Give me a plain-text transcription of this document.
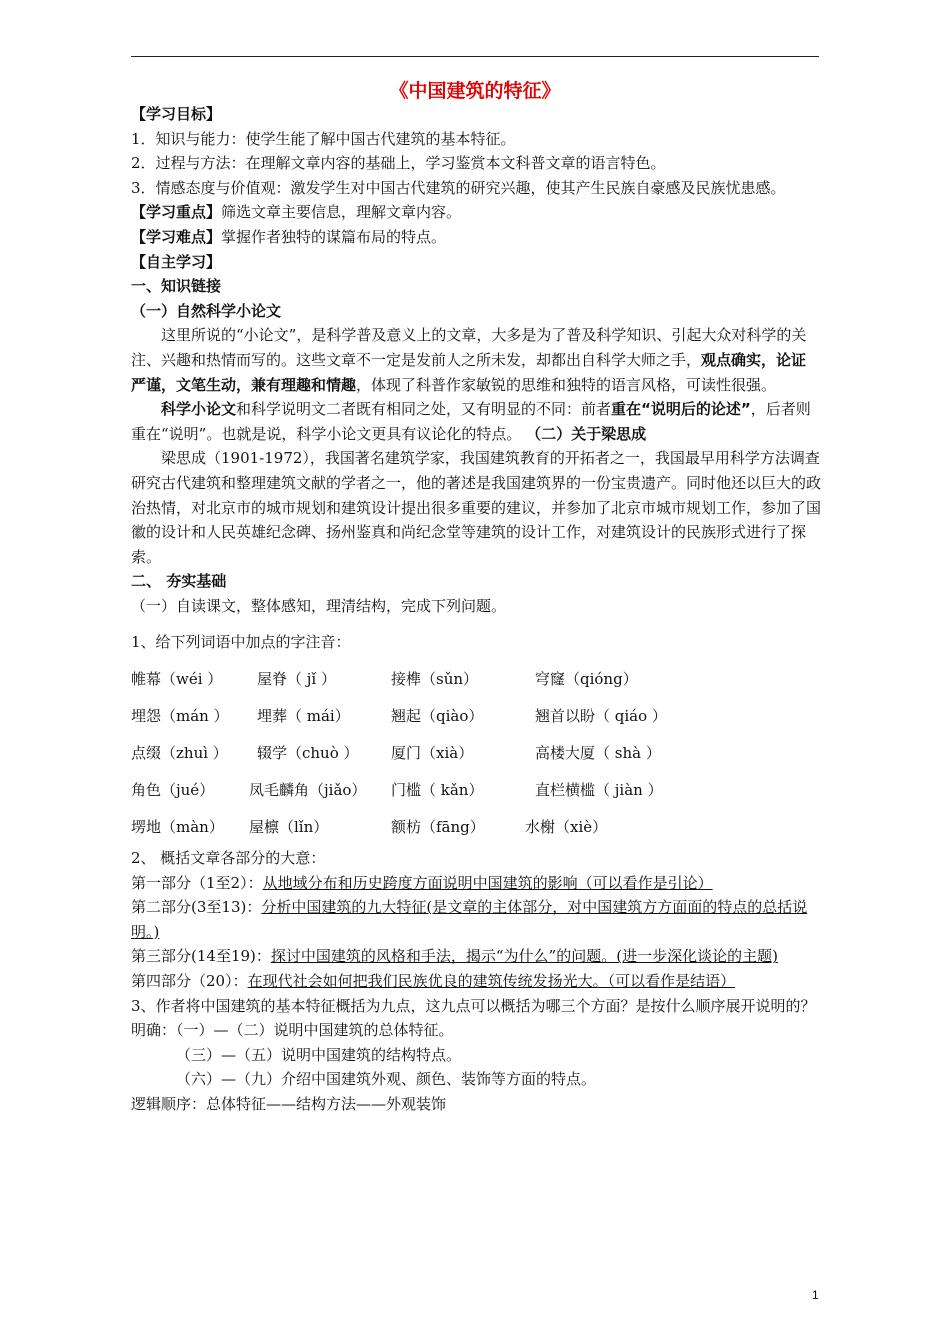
《中国建筑的特征》

【学习目标】

1．知识与能力：使学生能了解中国古代建筑的基本特征。

2．过程与方法：在理解文章内容的基础上，学习鉴赏本文科普文章的语言特色。

3．情感态度与价值观：激发学生对中国古代建筑的研究兴趣，使其产生民族自豪感及民族忧患感。

【学习重点】筛选文章主要信息，理解文章内容。

【学习难点】掌握作者独特的谋篇布局的特点。

【自主学习】

一、知识链接

（一）自然科学小论文

这里所说的“小论文”，是科学普及意义上的文章，大多是为了普及科学知识、引起大众对科学的关注、兴趣和热情而写的。这些文章不一定是发前人之所未发，却都出自科学大师之手，观点确实，论证严谨，文笔生动，兼有理趣和情趣，体现了科普作家敏锐的思维和独特的语言风格，可读性很强。

科学小论文和科学说明文二者既有相同之处，又有明显的不同：前者重在“说明后的论述”，后者则重在“说明”。也就是说，科学小论文更具有议论化的特点。 （二）关于梁思成

梁思成（1901-1972），我国著名建筑学家，我国建筑教育的开拓者之一，我国最早用科学方法调查研究古代建筑和整理建筑文献的学者之一，他的著述是我国建筑界的一份宝贵遗产。同时他还以巨大的政治热情，对北京市的城市规划和建筑设计提出很多重要的建议，并参加了北京市城市规划工作，参加了国徽的设计和人民英雄纪念碑、扬州鉴真和尚纪念堂等建筑的设计工作，对建筑设计的民族形式进行了探索。

二、 夯实基础

（一）自读课文，整体感知，理清结构，完成下列问题。

1、给下列词语中加点的字注音：

帷幕（wéi ）	屋脊（ jǐ ）	接榫（sǔn）	穹窿（qióng）
埋怨（mán ）	埋葬（ mái）	翘起（qiào）	翘首以盼（ qiáo ）
点缀（zhuì ）	辍学（chuò ）	厦门（xià）	高楼大厦（ shà ）
角色（jué）	凤毛麟角（jiǎo）	门槛（ kǎn）	直栏横槛（ jiàn ）
塄地（màn）	屋檩（lǐn）	额枋（fāng）	水榭（xiè）

2、 概括文章各部分的大意：

第一部分（1至2）：从地域分布和历史跨度方面说明中国建筑的影响（可以看作是引论）

第二部分(3至13)：分析中国建筑的九大特征(是文章的主体部分，对中国建筑方方面面的特点的总括说明。)

第三部分(14至19)：探讨中国建筑的风格和手法，揭示“为什么”的问题。(进一步深化谈论的主题)

第四部分（20）：在现代社会如何把我们民族优良的建筑传统发扬光大。（可以看作是结语）

3、作者将中国建筑的基本特征概括为九点，这九点可以概括为哪三个方面？是按什么顺序展开说明的？

明确：（一）—（二）说明中国建筑的总体特征。

（三）—（五）说明中国建筑的结构特点。

（六）—（九）介绍中国建筑外观、颜色、装饰等方面的特点。

逻辑顺序：总体特征——结构方法——外观装饰

1
